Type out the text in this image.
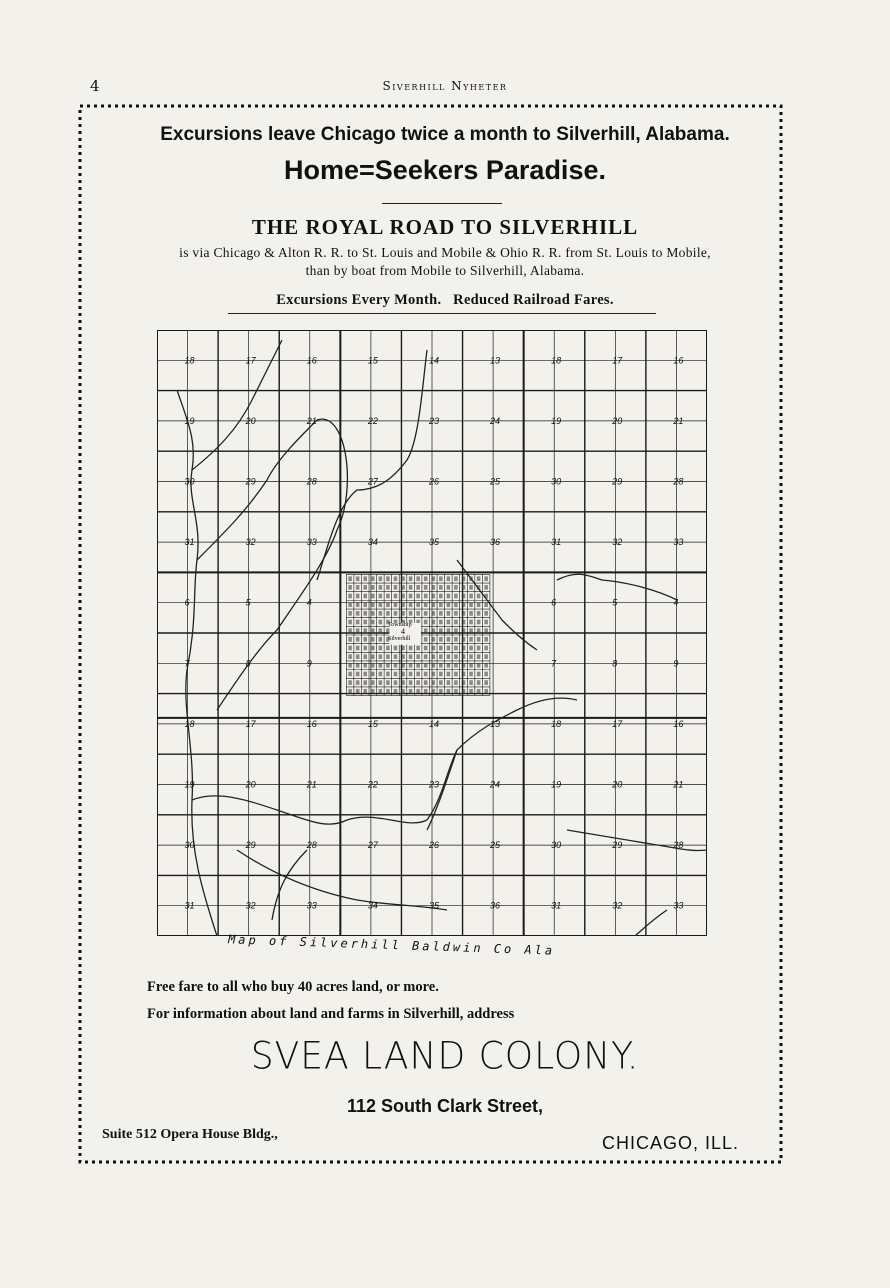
4	Siverhill Nyheter
Excursions leave Chicago twice a month to Silverhill, Alabama.
Home=Seekers Paradise.
THE ROYAL ROAD TO SILVERHILL
is via Chicago & Alton R. R. to St. Louis and Mobile & Ohio R. R. from St. Louis to Mobile,
than by boat from Mobile to Silverhill, Alabama.
Excursions Every Month. Reduced Railroad Fares.
18	17	16	15	14	13	18	17	16
19	20	21	22	23	24	19	20	21
30	29	28	27	26	25	30	29	28
31	32	33	34	35	36	31	32	33
6	5	4	6	5	4
7	8	9	7	8	9
18	17	16	15	14	13	18	17	16
19	20	21	22	23	24	19	20	21
30	29	28	27	26	25	30	29	28
31	32	33	34	35	36	31	32	33
Township
Silverhill
4
Map of Silverhill Baldwin Co Ala
Free fare to all who buy 40 acres land, or more.
For information about land and farms in Silverhill, address
SVEA LAND COLONY.
112 South Clark Street,
Suite 512 Opera House Bldg.,	CHICAGO, ILL.
